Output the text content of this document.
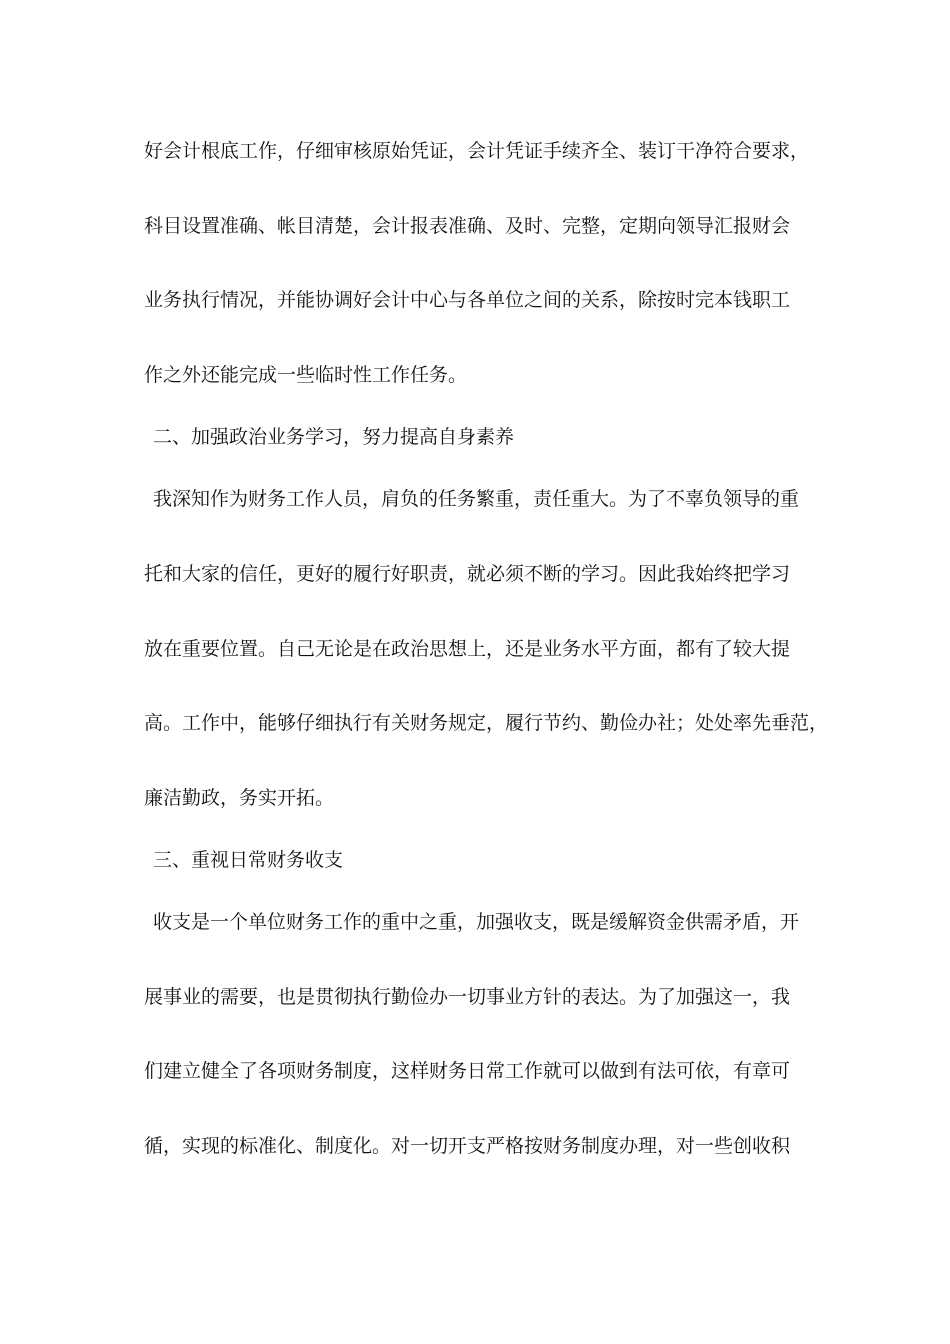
好会计根底工作，仔细审核原始凭证，会计凭证手续齐全、装订干净符合要求，
科目设置准确、帐目清楚，会计报表准确、及时、完整，定期向领导汇报财会
业务执行情况，并能协调好会计中心与各单位之间的关系，除按时完本钱职工
作之外还能完成一些临时性工作任务。
二、加强政治业务学习，努力提高自身素养
我深知作为财务工作人员，肩负的任务繁重，责任重大。为了不辜负领导的重
托和大家的信任，更好的履行好职责，就必须不断的学习。因此我始终把学习
放在重要位置。自己无论是在政治思想上，还是业务水平方面，都有了较大提
高。工作中，能够仔细执行有关财务规定，履行节约、勤俭办社；处处率先垂范，
廉洁勤政，务实开拓。
三、重视日常财务收支
收支是一个单位财务工作的重中之重，加强收支，既是缓解资金供需矛盾，开
展事业的需要，也是贯彻执行勤俭办一切事业方针的表达。为了加强这一，我
们建立健全了各项财务制度，这样财务日常工作就可以做到有法可依，有章可
循，实现的标准化、制度化。对一切开支严格按财务制度办理，对一些创收积
